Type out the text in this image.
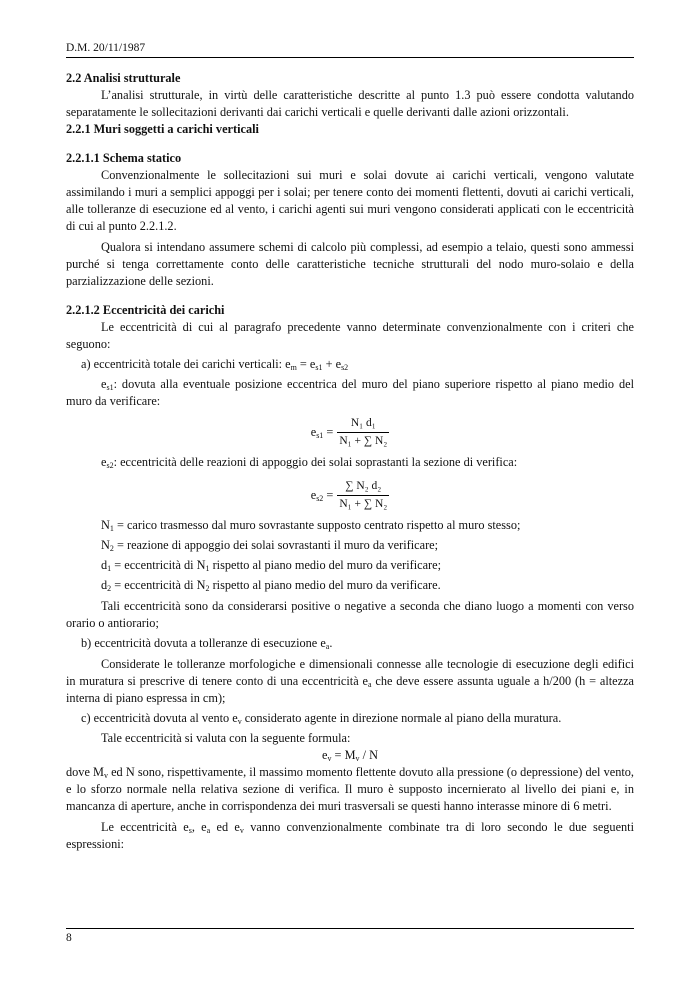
D.M. 20/11/1987

2.2 Analisi strutturale

L’analisi strutturale, in virtù delle caratteristiche descritte al punto 1.3 può essere condotta valutando separatamente le sollecitazioni derivanti dai carichi verticali e quelle derivanti dalle azioni orizzontali.

2.2.1 Muri soggetti a carichi verticali

2.2.1.1 Schema statico

Convenzionalmente le sollecitazioni sui muri e solai dovute ai carichi verticali, vengono valutate assimilando i muri a semplici appoggi per i solai; per tenere conto dei momenti flettenti, dovuti ai carichi verticali, alle tolleranze di esecuzione ed al vento, i carichi agenti sui muri vengono considerati applicati con le eccentricità di cui al punto 2.2.1.2.

Qualora si intendano assumere schemi di calcolo più complessi, ad esempio a telaio, questi sono ammessi purché si tenga correttamente conto delle caratteristiche tecniche strutturali del nodo muro-solaio e della parzializzazione delle sezioni.

2.2.1.2 Eccentricità dei carichi

Le eccentricità di cui al paragrafo precedente vanno determinate convenzionalmente con i criteri che seguono:

a) eccentricità totale dei carichi verticali: $e_m = e_{s1} + e_{s2}$

$e_{s1}$: dovuta alla eventuale posizione eccentrica del muro del piano superiore rispetto al piano medio del muro da verificare:

$e_{s1} = \frac{\text{N₁ d₁}}{\text{N₁ + ∑ N₂}}$

$e_{s2}$: eccentricità delle reazioni di appoggio dei solai soprastanti la sezione di verifica:

$e_{s2} = \frac{\text{∑ N₂ d₂}}{\text{N₁ + ∑ N₂}}$

$N_1$ = carico trasmesso dal muro sovrastante supposto centrato rispetto al muro stesso;

$N_2$ = reazione di appoggio dei solai sovrastanti il muro da verificare;

$d_1$ = eccentricità di $N_1$ rispetto al piano medio del muro da verificare;

$d_2$ = eccentricità di $N_2$ rispetto al piano medio del muro da verificare.

Tali eccentricità sono da considerarsi positive o negative a seconda che diano luogo a momenti con verso orario o antiorario;

b) eccentricità dovuta a tolleranze di esecuzione $e_a$.

Considerate le tolleranze morfologiche e dimensionali connesse alle tecnologie di esecuzione degli edifici in muratura si prescrive di tenere conto di una eccentricità $e_a$ che deve essere assunta uguale a h/200 (h = altezza interna di piano espressa in cm);

c) eccentricità dovuta al vento $e_v$ considerato agente in direzione normale al piano della muratura.

Tale eccentricità si valuta con la seguente formula:

$e_v = M_v / N$

dove $M_v$ ed N sono, rispettivamente, il massimo momento flettente dovuto alla pressione (o depressione) del vento, e lo sforzo normale nella relativa sezione di verifica. Il muro è supposto incernierato al livello dei piani e, in mancanza di aperture, anche in corrispondenza dei muri trasversali se questi hanno interasse minore di 6 metri.

Le eccentricità $e_s$, $e_a$ ed $e_v$ vanno convenzionalmente combinate tra di loro secondo le due seguenti espressioni:

8
